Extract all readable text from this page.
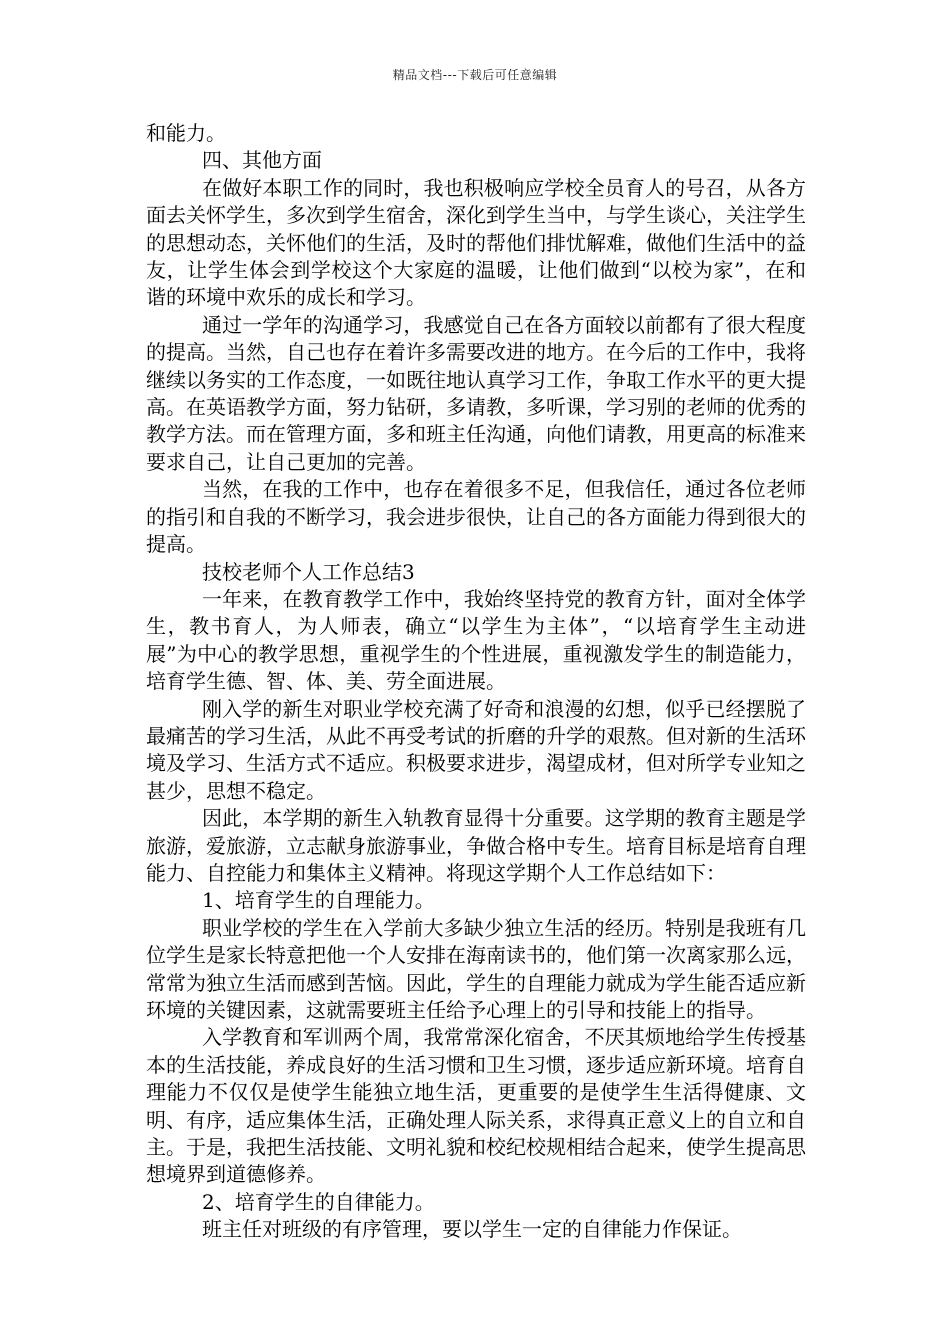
精品文档---下载后可任意编辑

和能力。

四、其他方面

在做好本职工作的同时，我也积极响应学校全员育人的号召，从各方面去关怀学生，多次到学生宿舍，深化到学生当中，与学生谈心，关注学生的思想动态，关怀他们的生活，及时的帮他们排忧解难，做他们生活中的益友，让学生体会到学校这个大家庭的温暖，让他们做到“以校为家”，在和谐的环境中欢乐的成长和学习。

通过一学年的沟通学习，我感觉自己在各方面较以前都有了很大程度的提高。当然，自己也存在着许多需要改进的地方。在今后的工作中，我将继续以务实的工作态度，一如既往地认真学习工作，争取工作水平的更大提高。在英语教学方面，努力钻研，多请教，多听课，学习别的老师的优秀的教学方法。而在管理方面，多和班主任沟通，向他们请教，用更高的标准来要求自己，让自己更加的完善。

当然，在我的工作中，也存在着很多不足，但我信任，通过各位老师的指引和自我的不断学习，我会进步很快，让自己的各方面能力得到很大的提高。

技校老师个人工作总结3

一年来，在教育教学工作中，我始终坚持党的教育方针，面对全体学生，教书育人，为人师表，确立“以学生为主体”，“以培育学生主动进展”为中心的教学思想，重视学生的个性进展，重视激发学生的制造能力，培育学生德、智、体、美、劳全面进展。

刚入学的新生对职业学校充满了好奇和浪漫的幻想，似乎已经摆脱了最痛苦的学习生活，从此不再受考试的折磨的升学的艰熬。但对新的生活环境及学习、生活方式不适应。积极要求进步，渴望成材，但对所学专业知之甚少，思想不稳定。

因此，本学期的新生入轨教育显得十分重要。这学期的教育主题是学旅游，爱旅游，立志献身旅游事业，争做合格中专生。培育目标是培育自理能力、自控能力和集体主义精神。将现这学期个人工作总结如下：

1、培育学生的自理能力。

职业学校的学生在入学前大多缺少独立生活的经历。特别是我班有几位学生是家长特意把他一个人安排在海南读书的，他们第一次离家那么远，常常为独立生活而感到苦恼。因此，学生的自理能力就成为学生能否适应新环境的关键因素，这就需要班主任给予心理上的引导和技能上的指导。

入学教育和军训两个周，我常常深化宿舍，不厌其烦地给学生传授基本的生活技能，养成良好的生活习惯和卫生习惯，逐步适应新环境。培育自理能力不仅仅是使学生能独立地生活，更重要的是使学生生活得健康、文明、有序，适应集体生活，正确处理人际关系，求得真正意义上的自立和自主。于是，我把生活技能、文明礼貌和校纪校规相结合起来，使学生提高思想境界到道德修养。

2、培育学生的自律能力。

班主任对班级的有序管理，要以学生一定的自律能力作保证。
